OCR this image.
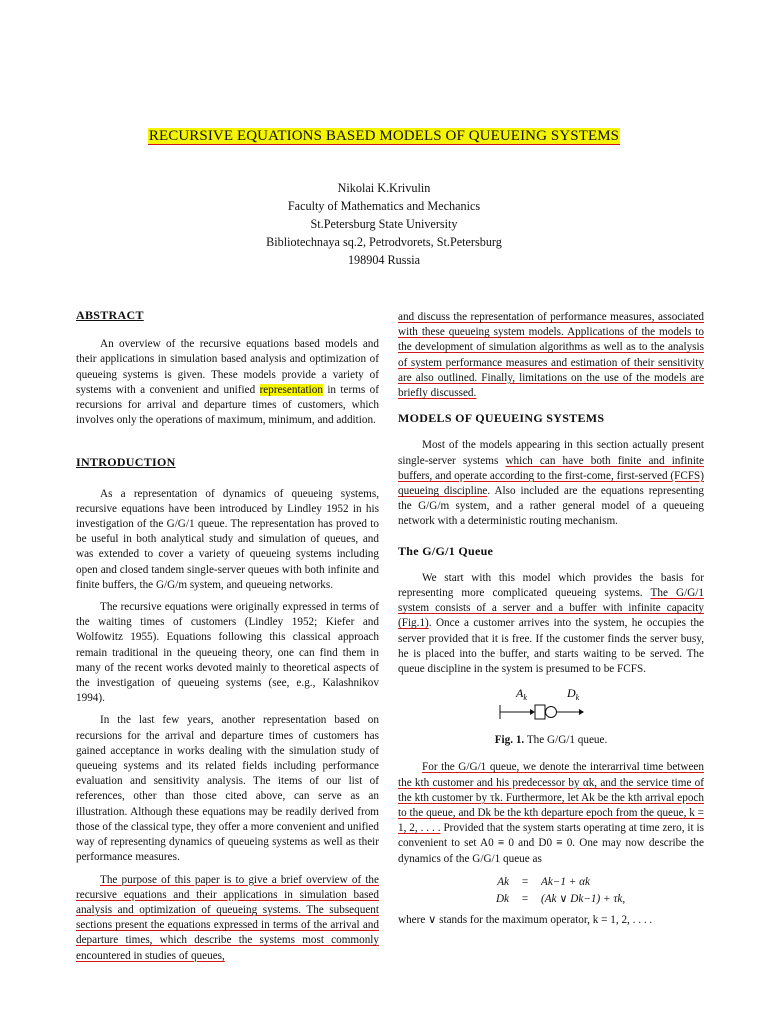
RECURSIVE EQUATIONS BASED MODELS OF QUEUEING SYSTEMS
Nikolai K.Krivulin
Faculty of Mathematics and Mechanics
St.Petersburg State University
Bibliotechnaya sq.2, Petrodvorets, St.Petersburg
198904 Russia
ABSTRACT

An overview of the recursive equations based models and their applications in simulation based analysis and optimization of queueing systems is given. These models provide a variety of systems with a convenient and unified representation in terms of recursions for arrival and departure times of customers, which involves only the operations of maximum, minimum, and addition.

INTRODUCTION

As a representation of dynamics of queueing systems, recursive equations have been introduced by Lindley 1952 in his investigation of the G/G/1 queue. The representation has proved to be useful in both analytical study and simulation of queues, and was extended to cover a variety of queueing systems including open and closed tandem single-server queues with both infinite and finite buffers, the G/G/m system, and queueing networks.

The recursive equations were originally expressed in terms of the waiting times of customers (Lindley 1952; Kiefer and Wolfowitz 1955). Equations following this classical approach remain traditional in the queueing theory, one can find them in many of the recent works devoted mainly to theoretical aspects of the investigation of queueing systems (see, e.g., Kalashnikov 1994).

In the last few years, another representation based on recursions for the arrival and departure times of customers has gained acceptance in works dealing with the simulation study of queueing systems and its related fields including performance evaluation and sensitivity analysis. The items of our list of references, other than those cited above, can serve as an illustration. Although these equations may be readily derived from those of the classical type, they offer a more convenient and unified way of representing dynamics of queueing systems as well as their performance measures.

The purpose of this paper is to give a brief overview of the recursive equations and their applications in simulation based analysis and optimization of queueing systems. The subsequent sections present the equations expressed in terms of the arrival and departure times, which describe the systems most commonly encountered in studies of queues,

and discuss the representation of performance measures, associated with these queueing system models. Applications of the models to the development of simulation algorithms as well as to the analysis of system performance measures and estimation of their sensitivity are also outlined. Finally, limitations on the use of the models are briefly discussed.

MODELS OF QUEUEING SYSTEMS

Most of the models appearing in this section actually present single-server systems which can have both finite and infinite buffers, and operate according to the first-come, first-served (FCFS) queueing discipline. Also included are the equations representing the G/G/m system, and a rather general model of a queueing network with a deterministic routing mechanism.

The G/G/1 Queue

We start with this model which provides the basis for representing more complicated queueing systems. The G/G/1 system consists of a server and a buffer with infinite capacity (Fig.1). Once a customer arrives into the system, he occupies the server provided that it is free. If the customer finds the server busy, he is placed into the buffer, and starts waiting to be served. The queue discipline in the system is presumed to be FCFS.

$A_k$	$D_k$

Fig. 1. The G/G/1 queue.

For the G/G/1 queue, we denote the interarrival time between the kth customer and his predecessor by αk, and the service time of the kth customer by τk. Furthermore, let Ak be the kth arrival epoch to the queue, and Dk be the kth departure epoch from the queue, k = 1, 2, . . . . Provided that the system starts operating at time zero, it is convenient to set A0 ≡ 0 and D0 ≡ 0. One may now describe the dynamics of the G/G/1 queue as

	Ak	=	Ak−1 + αk
	Dk	=	(Ak ∨ Dk−1) + τk,

where ∨ stands for the maximum operator, k = 1, 2, . . . .
